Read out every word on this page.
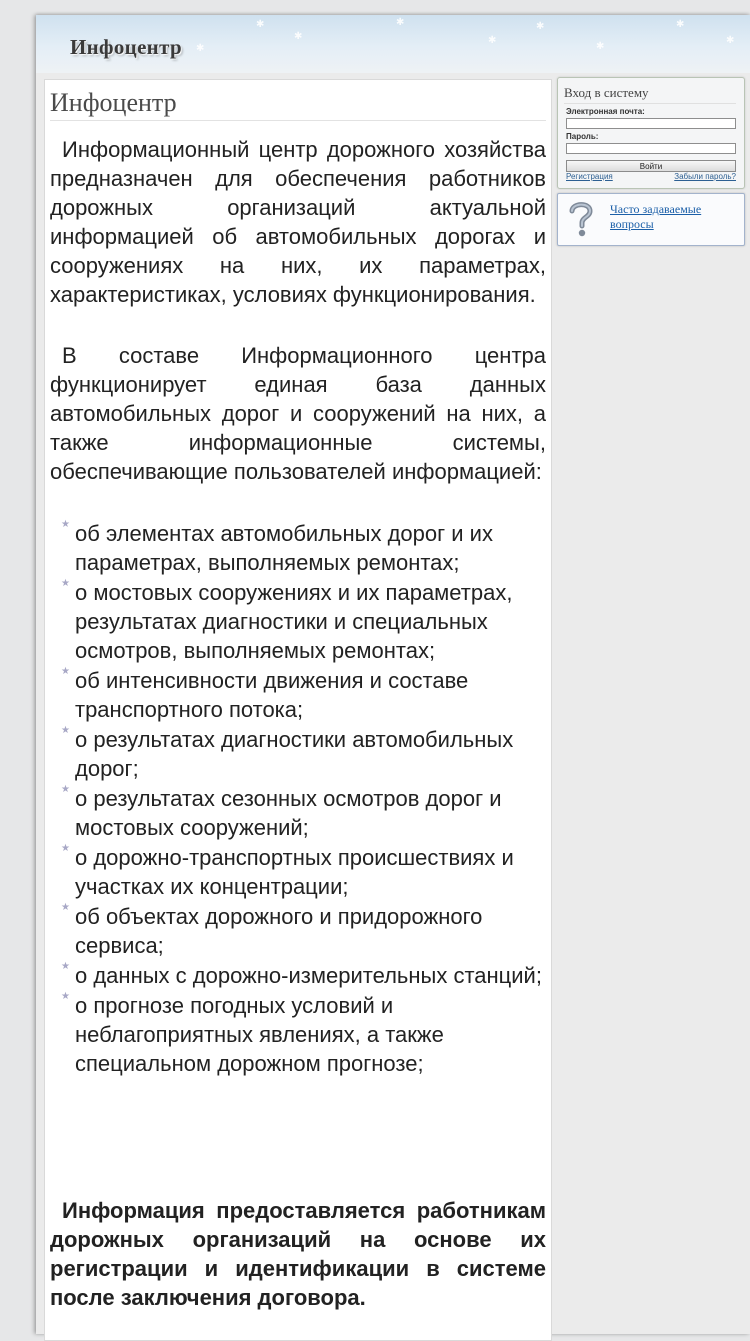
✱
✱
✱
✱
✱
✱
✱
✱
✱
Инфоцентр
Инфоцентр

Информационный центр дорожного хозяйства предназначен для обеспечения работников дорожных организаций актуальной информацией об автомобильных дорогах и сооружениях на них, их параметрах, характеристиках, условиях функционирования.

В составе Информационного центра функционирует единая база данных автомобильных дорог и сооружений на них, а также информационные системы, обеспечивающие пользователей информацией:

★ об элементах автомобильных дорог и их параметрах, выполняемых ремонтах;
★ о мостовых сооружениях и их параметрах, результатах диагностики и специальных осмотров, выполняемых ремонтах;
★ об интенсивности движения и составе транспортного потока;
★ о результатах диагностики автомобильных дорог;
★ о результатах сезонных осмотров дорог и мостовых сооружений;
★ о дорожно-транспортных происшествиях и участках их концентрации;
★ об объектах дорожного и придорожного сервиса;
★ о данных с дорожно-измерительных станций;
★ о прогнозе погодных условий и неблагоприятных явлениях, а также специальном дорожном прогнозе;

Информация предоставляется работникам дорожных организаций на основе их регистрации и идентификации в системе после заключения договора.

Вход в систему
Электронная почта:
Пароль:
Войти
Регистрация	Забыли пароль?
Часто задаваемые вопросы
